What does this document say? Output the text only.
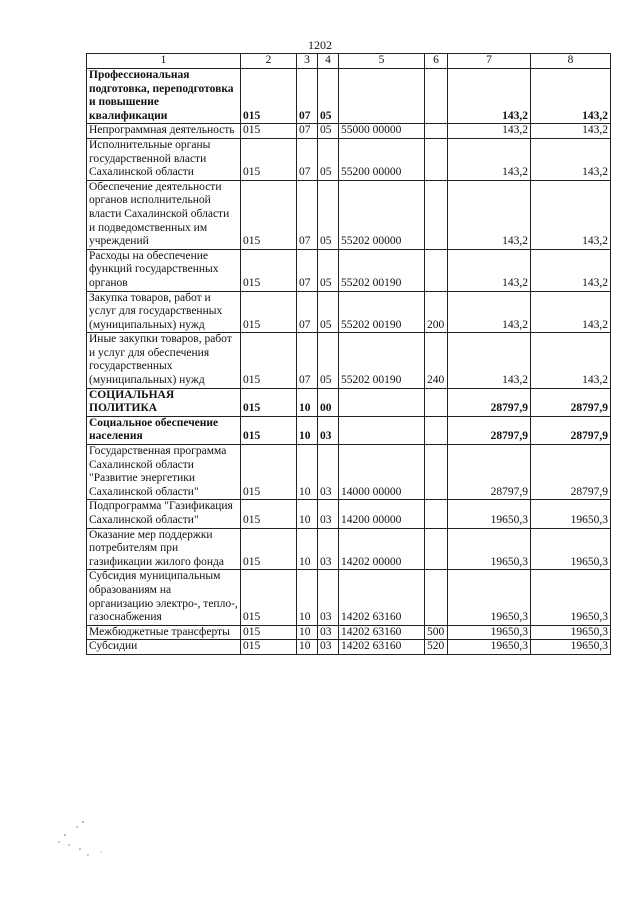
1202
1	2	3	4	5	6	7	8
Профессиональная подготовка, переподготовка и повышение квалификации	015	07	05			143,2	143,2
Непрограммная деятельность	015	07	05	55000 00000		143,2	143,2
Исполнительные органы государственной власти Сахалинской области	015	07	05	55200 00000		143,2	143,2
Обеспечение деятельности органов исполнительной власти Сахалинской области и подведомственных им учреждений	015	07	05	55202 00000		143,2	143,2
Расходы на обеспечение функций государственных органов	015	07	05	55202 00190		143,2	143,2
Закупка товаров, работ и услуг для государственных (муниципальных) нужд	015	07	05	55202 00190	200	143,2	143,2
Иные закупки товаров, работ и услуг для обеспечения государственных (муниципальных) нужд	015	07	05	55202 00190	240	143,2	143,2
СОЦИАЛЬНАЯ ПОЛИТИКА	015	10	00			28797,9	28797,9
Социальное обеспечение населения	015	10	03			28797,9	28797,9
Государственная программа Сахалинской области "Развитие энергетики Сахалинской области"	015	10	03	14000 00000		28797,9	28797,9
Подпрограмма "Газификация Сахалинской области"	015	10	03	14200 00000		19650,3	19650,3
Оказание мер поддержки потребителям при газификации жилого фонда	015	10	03	14202 00000		19650,3	19650,3
Субсидия муниципальным образованиям на организацию электро-, тепло-, газоснабжения	015	10	03	14202 63160		19650,3	19650,3
Межбюджетные трансферты	015	10	03	14202 63160	500	19650,3	19650,3
Субсидии	015	10	03	14202 63160	520	19650,3	19650,3
